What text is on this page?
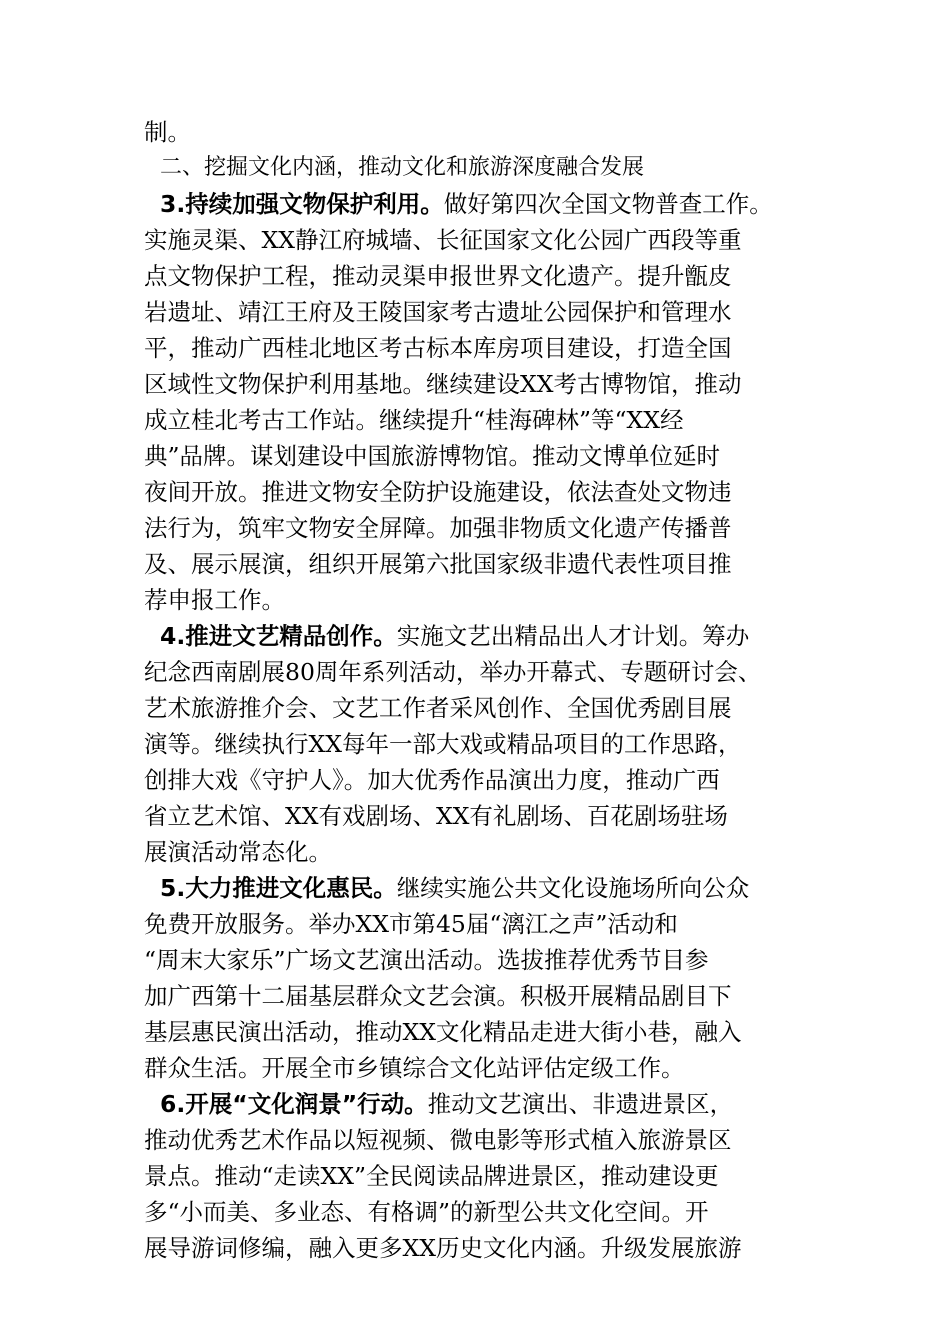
制。
二、挖掘文化内涵，推动文化和旅游深度融合发展
3.持续加强文物保护利用。做好第四次全国文物普查工作。
实施灵渠、XX静江府城墙、长征国家文化公园广西段等重
点文物保护工程，推动灵渠申报世界文化遗产。提升甑皮
岩遗址、靖江王府及王陵国家考古遗址公园保护和管理水
平，推动广西桂北地区考古标本库房项目建设，打造全国
区域性文物保护利用基地。继续建设XX考古博物馆，推动
成立桂北考古工作站。继续提升“桂海碑林”等“XX经
典”品牌。谋划建设中国旅游博物馆。推动文博单位延时
夜间开放。推进文物安全防护设施建设，依法查处文物违
法行为，筑牢文物安全屏障。加强非物质文化遗产传播普
及、展示展演，组织开展第六批国家级非遗代表性项目推
荐申报工作。
4.推进文艺精品创作。实施文艺出精品出人才计划。筹办
纪念西南剧展80周年系列活动，举办开幕式、专题研讨会、
艺术旅游推介会、文艺工作者采风创作、全国优秀剧目展
演等。继续执行XX每年一部大戏或精品项目的工作思路，
创排大戏《守护人》。加大优秀作品演出力度，推动广西
省立艺术馆、XX有戏剧场、XX有礼剧场、百花剧场驻场
展演活动常态化。
5.大力推进文化惠民。继续实施公共文化设施场所向公众
免费开放服务。举办XX市第45届“漓江之声”活动和
“周末大家乐”广场文艺演出活动。选拔推荐优秀节目参
加广西第十二届基层群众文艺会演。积极开展精品剧目下
基层惠民演出活动，推动XX文化精品走进大街小巷，融入
群众生活。开展全市乡镇综合文化站评估定级工作。
6.开展“文化润景”行动。推动文艺演出、非遗进景区，
推动优秀艺术作品以短视频、微电影等形式植入旅游景区
景点。推动“走读XX”全民阅读品牌进景区，推动建设更
多“小而美、多业态、有格调”的新型公共文化空间。开
展导游词修编，融入更多XX历史文化内涵。升级发展旅游
